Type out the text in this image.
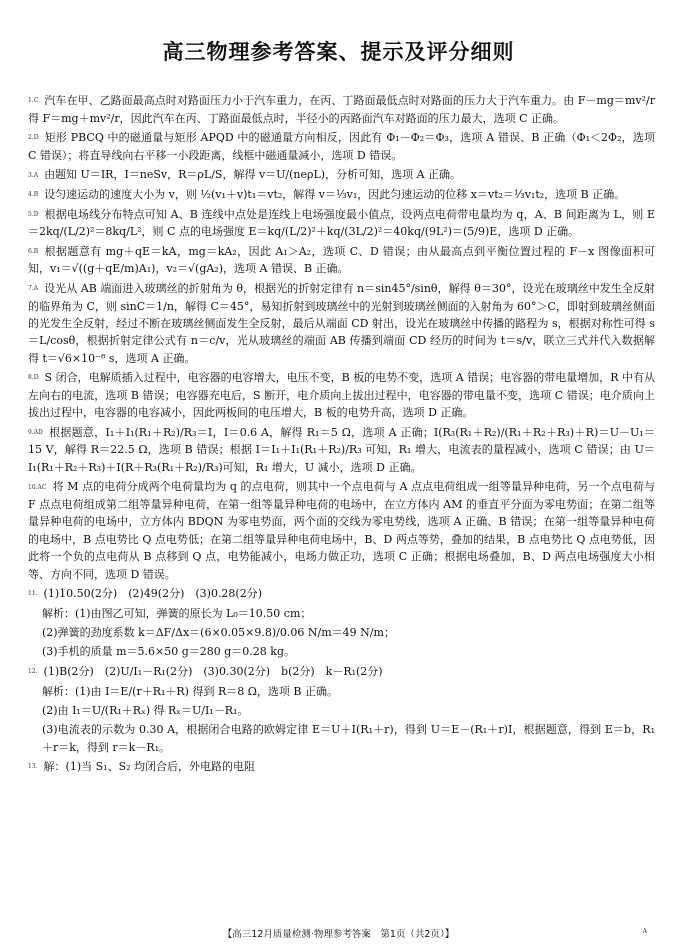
高三物理参考答案、提示及评分细则
1.C 汽车在甲、乙路面最高点时对路面压力小于汽车重力，在丙、丁路面最低点时对路面的压力大于汽车重力。由 F－mg＝mv²/r 得 F＝mg＋mv²/r，因此汽车在丙、丁路面最低点时，半径小的丙路面汽车对路面的压力最大，选项 C 正确。
2.D 矩形 PBCQ 中的磁通量与矩形 APQD 中的磁通量方向相反，因此有 Φ₁－Φ₂＝Φ₃，选项 A 错误、B 正确（Φ₁＜2Φ₂，选项 C 错误）；将直导线向右平移一小段距离，线框中磁通量减小，选项 D 错误。
3.A 由题知 U＝IR，I＝neSv，R＝ρL/S，解得 v＝U/(neρL)，分析可知，选项 A 正确。
4.B 设匀速运动的速度大小为 v，则 ½(v₁＋v)t₁＝vt₂，解得 v＝⅓v₁，因此匀速运动的位移 x＝vt₂＝⅓v₁t₂，选项 B 正确。
5.D 根据电场线分布特点可知 A、B 连线中点处是连线上电场强度最小值点，设两点电荷带电量均为 q，A、B 间距离为 L，则 E＝2kq/(L/2)²＝8kq/L²，则 C 点的电场强度 E＝kq/(L/2)²＋kq/(3L/2)²＝40kq/(9L²)＝(5/9)E，选项 D 正确。
6.B 根据题意有 mg＋qE＝kA，mg＝kA₂，因此 A₁＞A₂，选项 C、D 错误；由从最高点到平衡位置过程的 F－x 图像面积可知，v₁＝√((g＋qE/m)A₁)，v₂＝√(gA₂)，选项 A 错误、B 正确。
7.A 设光从 AB 端面进入玻璃丝的折射角为 θ，根据光的折射定律有 n＝sin45°/sinθ，解得 θ＝30°，设光在玻璃丝中发生全反射的临界角为 C，则 sinC＝1/n，解得 C＝45°，易知折射到玻璃丝中的光射到玻璃丝侧面的入射角为 60°＞C，即射到玻璃丝侧面的光发生全反射，经过不断在玻璃丝侧面发生全反射，最后从端面 CD 射出，设光在玻璃丝中传播的路程为 s，根据对称性可得 s＝L/cosθ，根据折射定律公式有 n＝c/v，光从玻璃丝的端面 AB 传播到端面 CD 经历的时间为 t＝s/v，联立三式并代入数据解得 t＝√6×10⁻⁸ s，选项 A 正确。
8.D S 闭合，电解质插入过程中，电容器的电容增大，电压不变，B 板的电势不变，选项 A 错误；电容器的带电量增加，R 中有从左向右的电流，选项 B 错误；电容器充电后，S 断开，电介质向上拔出过程中，电容器的带电量不变，选项 C 错误；电介质向上拔出过程中，电容器的电容减小，因此两板间的电压增大，B 板的电势升高，选项 D 正确。
9.AD 根据题意，I₁＋I₁(R₁＋R₂)/R₃＝I，I＝0.6 A，解得 R₁＝5 Ω，选项 A 正确；I(R₃(R₁＋R₂)/(R₁＋R₂＋R₃)＋R)＝U－U₁＝15 V，解得 R＝22.5 Ω，选项 B 错误；根据 I＝I₁＋I₁(R₁＋R₂)/R₃ 可知，R₁ 增大，电流表的量程减小，选项 C 错误；由 U＝I₁(R₁＋R₂＋R₃)＋I(R＋R₃(R₁＋R₂)/R₃)可知，R₁ 增大，U 减小，选项 D 正确。
10.AC 将 M 点的电荷分成两个电荷量均为 q 的点电荷，则其中一个点电荷与 A 点点电荷组成一组等量异种电荷，另一个点电荷与 F 点点电荷组成第二组等量异种电荷，在第一组等量异种电荷的电场中，在立方体内 AM 的垂直平分面为零电势面；在第二组等量异种电荷的电场中，立方体内 BDQN 为零电势面，两个面的交线为零电势线，选项 A 正确、B 错误；在第一组等量异种电荷的电场中，B 点电势比 Q 点电势低；在第二组等量异种电荷电场中，B、D 两点等势，叠加的结果，B 点电势比 Q 点电势低，因此将一个负的点电荷从 B 点移到 Q 点，电势能减小，电场力做正功，选项 C 正确；根据电场叠加，B、D 两点电场强度大小相等、方向不同，选项 D 错误。
11. (1)10.50(2分)　(2)49(2分)　(3)0.28(2分)
解析：(1)由图乙可知，弹簧的原长为 L₀＝10.50 cm；
(2)弹簧的劲度系数 k＝ΔF/Δx＝(6×0.05×9.8)/0.06 N/m＝49 N/m；
(3)手机的质量 m＝5.6×50 g＝280 g＝0.28 kg。
12. (1)B(2分)　(2)U/I₁－R₁(2分)　(3)0.30(2分)　b(2分)　k－R₁(2分)
解析：(1)由 I＝E/(r＋R₁＋R) 得到 R＝8 Ω，选项 B 正确。
(2)由 I₁＝U/(R₁＋Rₓ) 得 Rₓ＝U/I₁－R₁。
(3)电流表的示数为 0.30 A，根据闭合电路的欧姆定律 E＝U＋I(R₁＋r)，得到 U＝E－(R₁＋r)I，根据题意，得到 E＝b，R₁＋r＝k，得到 r＝k－R₁。
13. 解：(1)当 S₁、S₂ 均闭合后，外电路的电阻
【高三12月质量检测·物理参考答案　第1页（共2页）】	A
